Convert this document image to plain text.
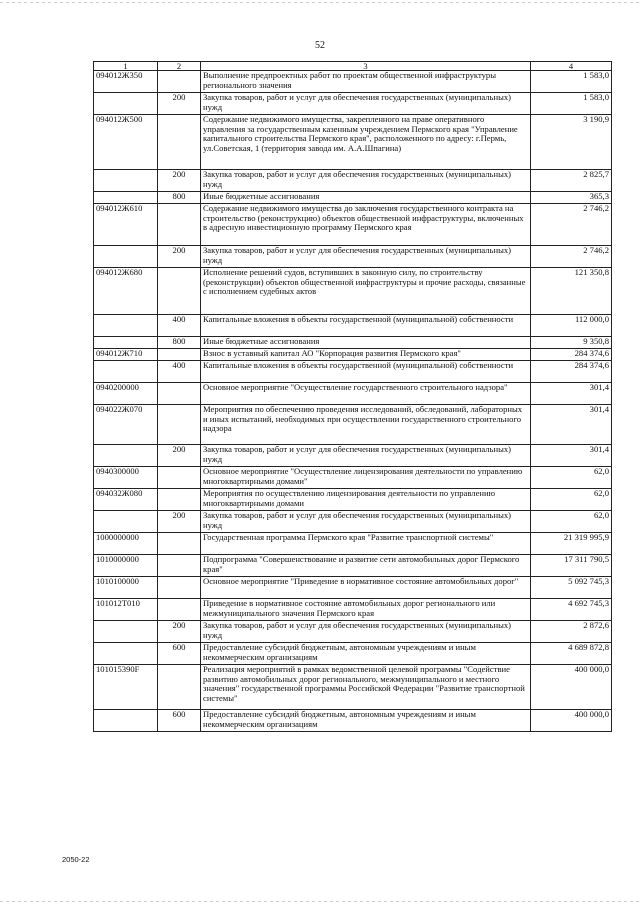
52
1	2	3	4
094012Ж350		Выполнение предпроектных работ по проектам общественной инфраструктуры регионального значения	1 583,0
	200	Закупка товаров, работ и услуг для обеспечения государственных (муниципальных) нужд	1 583,0
094012Ж500		Содержание недвижимого имущества, закрепленного на праве оперативного управления за государственным казенным учреждением Пермского края "Управление капитального строительства Пермского края", расположенного по адресу: г.Пермь, ул.Советская, 1 (территория завода им. А.А.Шпагина)	3 190,9
	200	Закупка товаров, работ и услуг для обеспечения государственных (муниципальных) нужд	2 825,7
	800	Иные бюджетные ассигнования	365,3
094012Ж610		Содержание недвижимого имущества до заключения государственного контракта на строительство (реконструкцию) объектов общественной инфраструктуры, включенных в адресную инвестиционную программу Пермского края	2 746,2
	200	Закупка товаров, работ и услуг для обеспечения государственных (муниципальных) нужд	2 746,2
094012Ж680		Исполнение решений судов, вступивших в законную силу, по строительству (реконструкции) объектов общественной инфраструктуры и прочие расходы, связанные с исполнением судебных актов	121 350,8
	400	Капитальные вложения в объекты государственной (муниципальной) собственности	112 000,0
	800	Иные бюджетные ассигнования	9 350,8
094012Ж710		Взнос в уставный капитал АО "Корпорация развития Пермского края"	284 374,6
	400	Капитальные вложения в объекты государственной (муниципальной) собственности	284 374,6
0940200000		Основное мероприятие "Осуществление государственного строительного надзора"	301,4
094022Ж070		Мероприятия по обеспечению проведения исследований, обследований, лабораторных и иных испытаний, необходимых при осуществлении государственного строительного надзора	301,4
	200	Закупка товаров, работ и услуг для обеспечения государственных (муниципальных) нужд	301,4
0940300000		Основное мероприятие "Осуществление лицензирования деятельности по управлению многоквартирными домами"	62,0
094032Ж080		Мероприятия по осуществлению лицензирования деятельности по управлению многоквартирными домами	62,0
	200	Закупка товаров, работ и услуг для обеспечения государственных (муниципальных) нужд	62,0
1000000000		Государственная программа Пермского края "Развитие транспортной системы"	21 319 995,9
1010000000		Подпрограмма "Совершенствование и развитие сети автомобильных дорог Пермского края"	17 311 790,5
1010100000		Основное мероприятие "Приведение в нормативное состояние автомобильных дорог"	5 092 745,3
101012Т010		Приведение в нормативное состояние автомобильных дорог регионального или межмуниципального значения Пермского края	4 692 745,3
	200	Закупка товаров, работ и услуг для обеспечения государственных (муниципальных) нужд	2 872,6
	600	Предоставление субсидий бюджетным, автономным учреждениям и иным некоммерческим организациям	4 689 872,8
101015390F		Реализация мероприятий в рамках ведомственной целевой программы "Содействие развитию автомобильных дорог регионального, межмуниципального и местного значения" государственной программы Российской Федерации "Развитие транспортной системы"	400 000,0
	600	Предоставление субсидий бюджетным, автономным учреждениям и иным некоммерческим организациям	400 000,0
2050-22
